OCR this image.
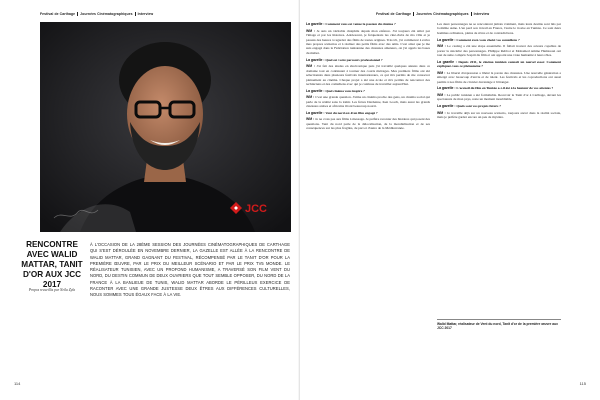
Festival de Carthage Journées Cinématographiques Interview
JCC
RENCONTRE AVEC WALID MATTAR, TANIT D'OR AUX JCC 2017
Propos recueillis par Neïla Zyla
À L'OCCASION DE LA 28ÈME SESSION DES JOURNÉES CINÉMATOGRAPHIQUES DE CARTHAGE QUI S'EST DÉROULÉE EN NOVEMBRE DERNIER, LA GAZELLE EST ALLÉE À LA RENCONTRE DE WALID MATTAR, GRAND GAGNANT DU FESTIVAL, RÉCOMPENSÉ PAR LE TANIT D'OR POUR LA PREMIÈRE ŒUVRE, PAR LE PRIX DU MEILLEUR SCÉNARIO ET PAR LE PRIX TV5 MONDE. LE RÉALISATEUR TUNISIEN, AVEC UN PROFOND HUMANISME, A TRAVERSÉ SON FILM VENT DU NORD, DU DESTIN COMMUN DE DEUX OUVRIERS QUE TOUT SEMBLE OPPOSER, DU NORD DE LA FRANCE À LA BANLIEUE DE TUNIS, WALID MATTAR ABORDE LE PÉRILLEUX EXERCICE DE RACONTER AVEC UNE GRANDE JUSTESSE DEUX ÊTRES AUX DIFFÉRENCES CULTURELLES, NOUS SOMMES TOUS ÉGAUX FACE À LA VIE.
114
Festival de Carthage Journées Cinématographiques Interview
115

La gazelle : Comment vous est venue la passion du cinéma ?

WM : Je suis un véritable cinéphile depuis mon enfance. J'ai toujours été attiré par l'image et par les histoires. Adolescent, je fréquentais les ciné-clubs de ma ville et je passais des heures à regarder des films de toutes origines. Très tôt, j'ai commencé à écrire mes propres scénarios et à réaliser des petits films avec des amis. C'est ainsi que je me suis engagé dans la Fédération tunisienne des cinéastes amateurs, où j'ai appris les bases du métier.

La gazelle : Quel est votre parcours professionnel ?

WM : J'ai fait des études en électronique puis j'ai travaillé quelques années dans ce domaine tout en continuant à tourner des courts métrages. Mes premiers films ont été sélectionnés dans plusieurs festivals internationaux, ce qui m'a permis de me consacrer pleinement au cinéma. Chaque projet a été une école et m'a permis de rencontrer des techniciens et des comédiens avec qui je continue de travailler aujourd'hui.

La gazelle : Quel cinéma vous inspire ?

WM : C'est une grande question. J'aime un cinéma proche des gens, un cinéma social qui parle de la réalité sans la trahir. Les frères Dardenne, Ken Loach, mais aussi les grands cinéastes arabes et africains m'ont beaucoup nourri.

La gazelle : Vent du nord est-il un film engagé ?

WM : Je ne crois pas aux films à message. Je préfère raconter des histoires qui posent des questions. Vent du nord parle de la délocalisation, de la mondialisation et de ses conséquences sur les plus fragiles, de part et d'autre de la Méditerranée.

Les deux personnages ne se rencontrent jamais vraiment, mais leurs destins sont liés par la même usine. L'un perd son travail en France, l'autre le trouve en Tunisie. Ce sont deux hommes ordinaires, pleins de rêves et de contradictions.

La gazelle : Comment avez-vous choisi vos comédiens ?

WM : Le casting a été une étape essentielle. Il fallait trouver des acteurs capables de porter la sincérité des personnages. Philippe Rebbot et Mohamed Amine Hamzaoui ont tout de suite compris l'esprit du film et ont apporté une vraie humanité à leurs rôles.

La gazelle : Depuis 2011, le cinéma tunisien connaît un nouvel essor. Comment expliquez-vous ce phénomène ?

WM : La liberté d'expression a libéré la parole des cinéastes. Une nouvelle génération a émergé avec beaucoup d'envie et de talent. Les festivals et les coproductions ont aussi permis à nos films de circuler davantage à l'étranger.

La gazelle : L'accueil du film en Tunisie a-t-il été à la hauteur de vos attentes ?

WM : Le public tunisien a été formidable. Recevoir le Tanit d'or à Carthage, devant les spectateurs de mon pays, reste un moment inoubliable.

La gazelle : Quels sont vos projets futurs ?

WM : Je travaille déjà sur un nouveau scénario, toujours ancré dans la réalité sociale, mais je préfère garder encore un peu de mystère.

Walid Mattar, réalisateur de Vent du nord, Tanit d'or de la première œuvre aux JCC 2017
